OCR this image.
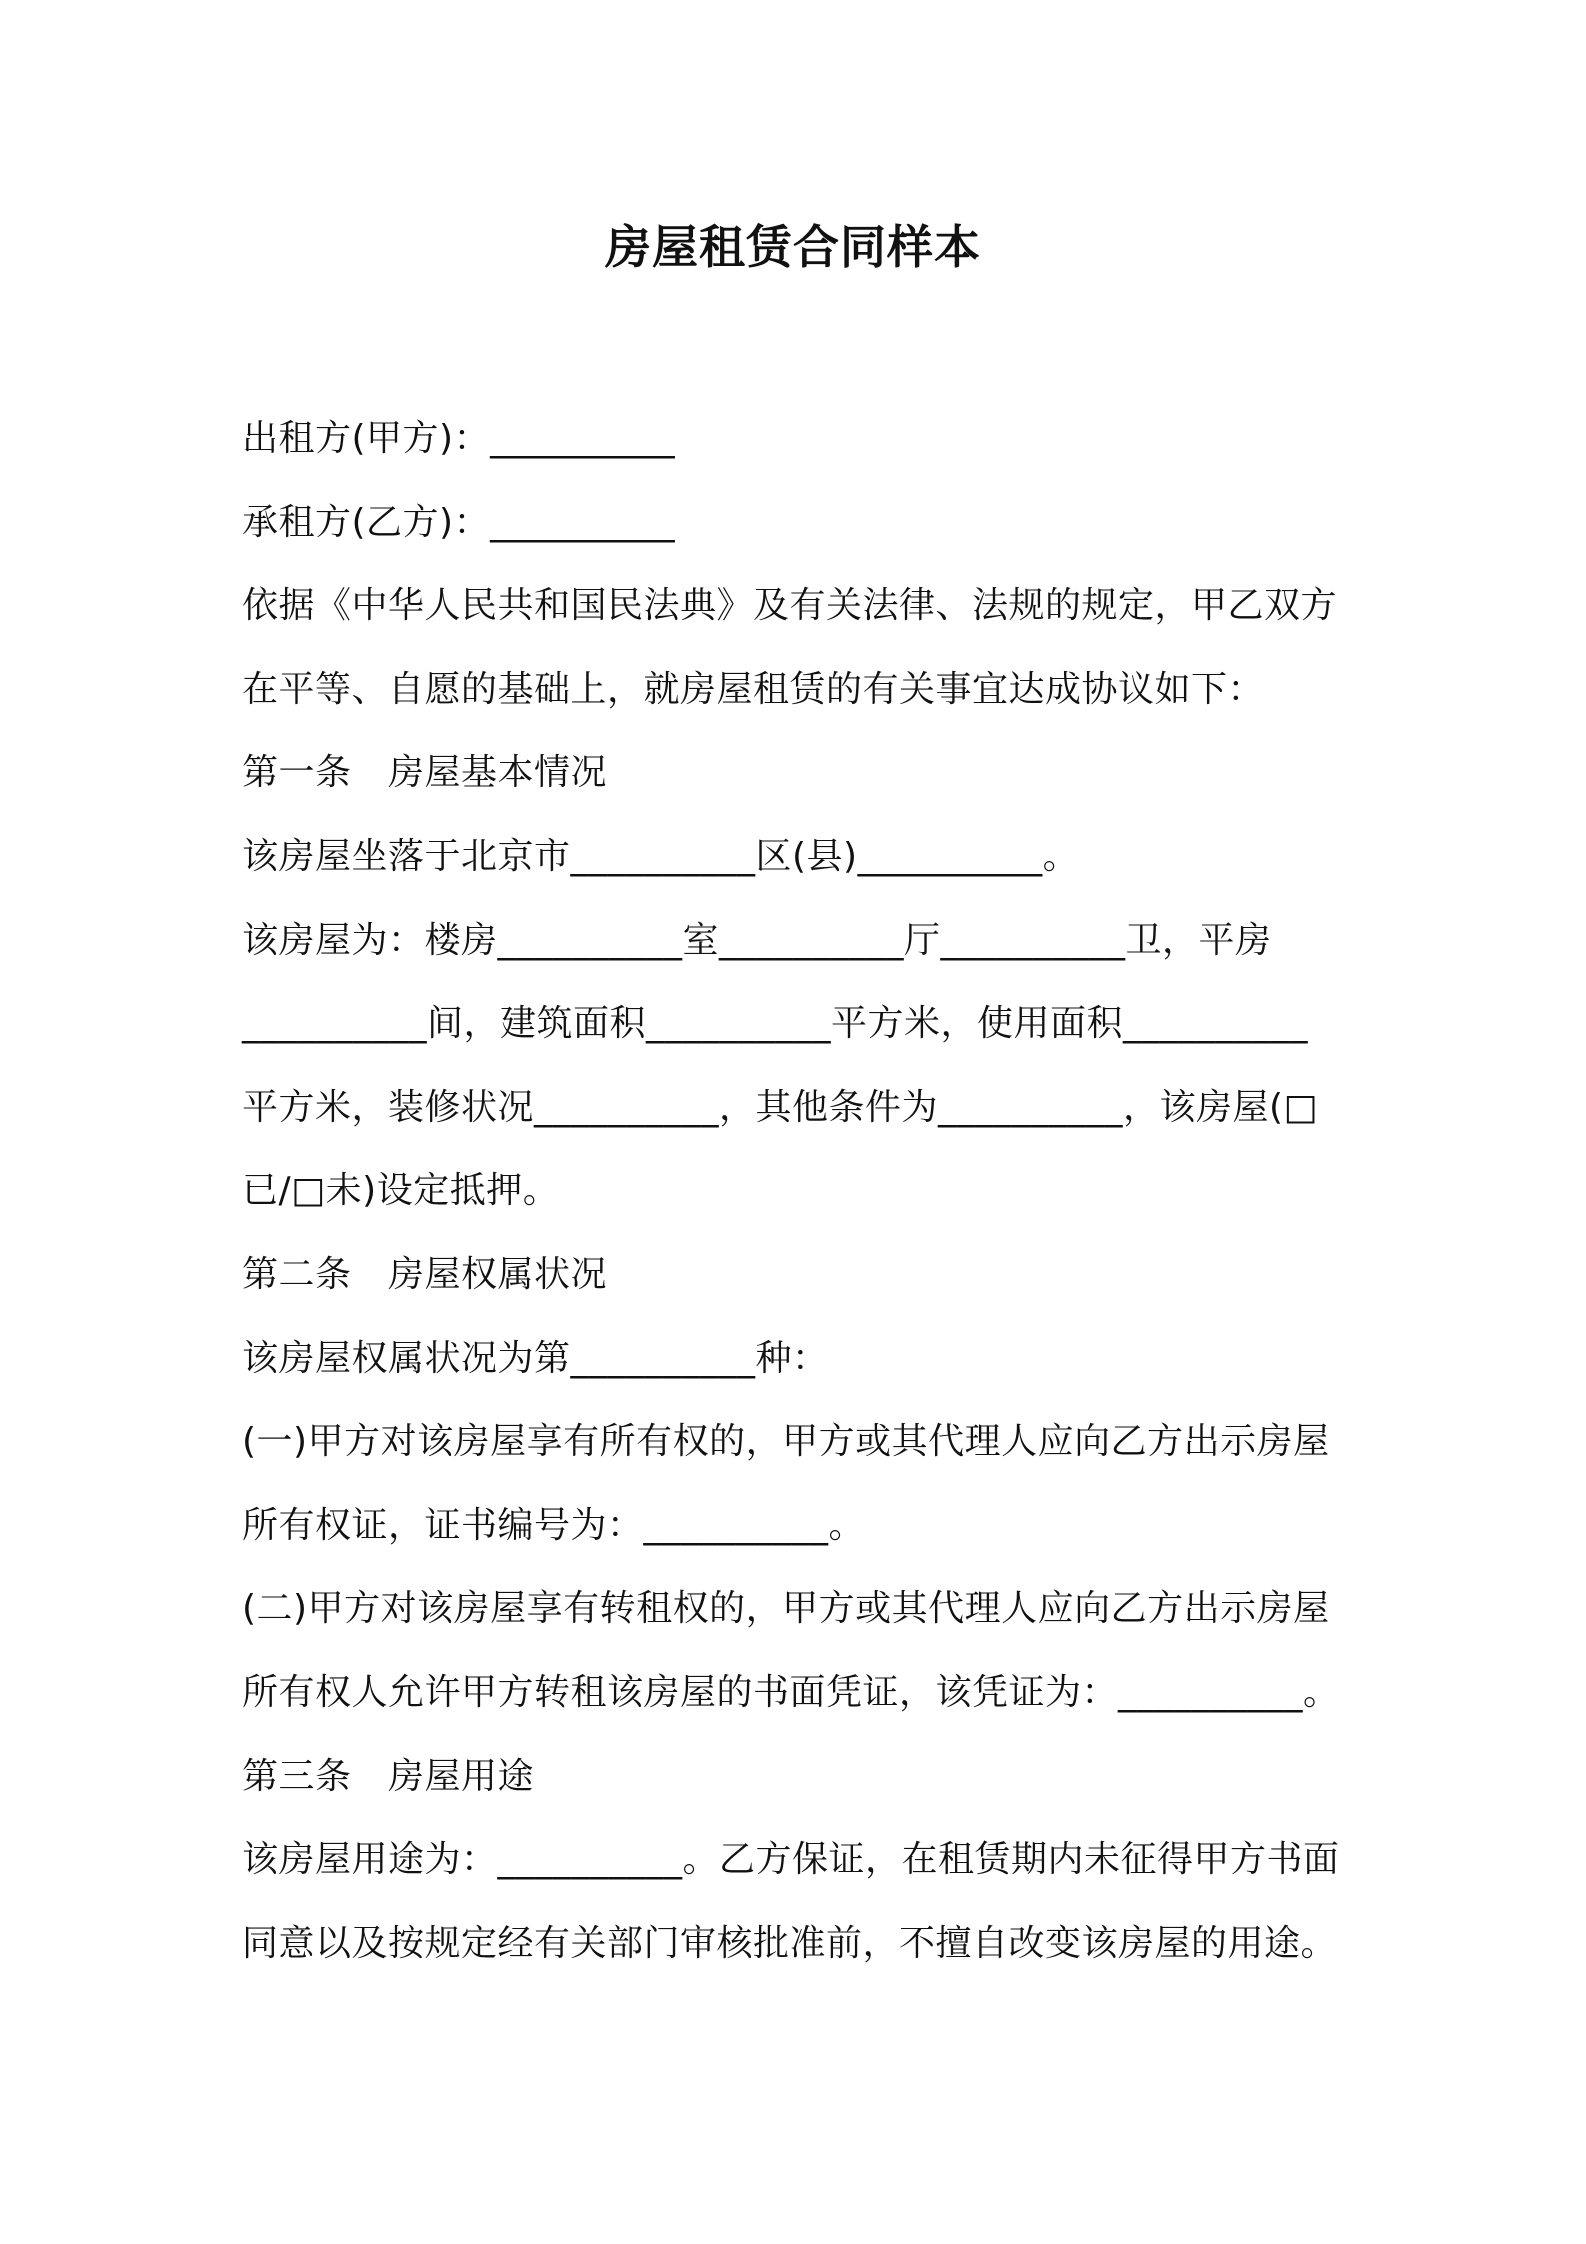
房屋租赁合同样本
出租方(甲方)：__________
承租方(乙方)：__________
依据《中华人民共和国民法典》及有关法律、法规的规定，甲乙双方
在平等、自愿的基础上，就房屋租赁的有关事宜达成协议如下：
第一条　房屋基本情况
该房屋坐落于北京市__________区(县)__________。
该房屋为：楼房__________室__________厅__________卫，平房
__________间，建筑面积__________平方米，使用面积__________
平方米，装修状况__________，其他条件为__________，该房屋(□
已/□未)设定抵押。
第二条　房屋权属状况
该房屋权属状况为第__________种：
(一)甲方对该房屋享有所有权的，甲方或其代理人应向乙方出示房屋
所有权证，证书编号为：__________。
(二)甲方对该房屋享有转租权的，甲方或其代理人应向乙方出示房屋
所有权人允许甲方转租该房屋的书面凭证，该凭证为：__________。
第三条　房屋用途
该房屋用途为：__________。乙方保证，在租赁期内未征得甲方书面
同意以及按规定经有关部门审核批准前，不擅自改变该房屋的用途。
